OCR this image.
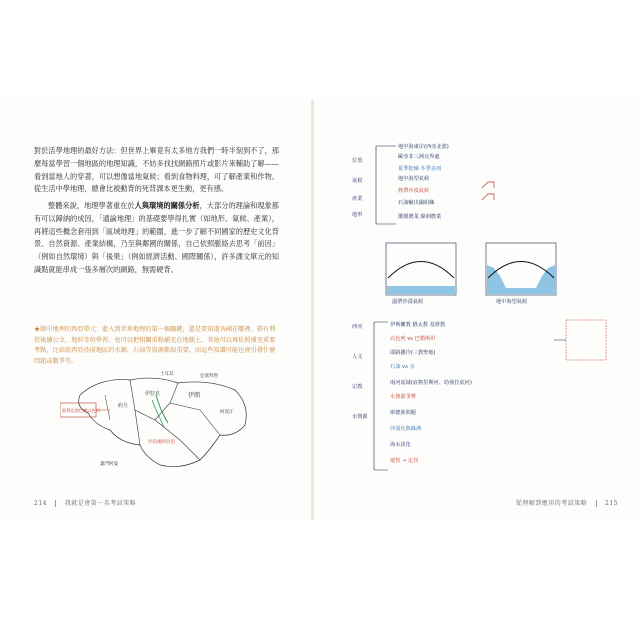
對於活學地理的最好方法：但世界上畢竟有太多地方我們一時半刻到不了，那麼每當學習一個地區的地理知識，不妨多找找網路照片或影片來輔助了解——看到當地人的穿著，可以想像當地氣候；看到食物料理，可了解產業和作物。從生活中學地理，總會比被動背的死背課本更生動，更有感。

整體來說，地理學著重在於人與環境的關係分析，大部分的理論和現象都有可以歸納的成因，「通論地理」的基礎要學得扎實（如地形、氣候、產業），再將這些概念套用到「區域地理」的範圍，進一步了解不同國家的歷史文化背景、自然資源、產業結構，乃至與鄰國的關係，自己依照脈絡去思考「前因」（例如自然環境）與「後果」（例如經濟活動、國際關係），許多課文單元的知識點就能串成一張多層次的網路，無需硬背。

★圖中地理的西亞單元：進入到世界地理的第一個關鍵，還是要知道各國在哪裡。搭有利於後續公文、地形等的學習。也可以把相關重點補充在地圖上，其他可以再依照補充重要考點，比如說西亞沙漠地區的水源、石油等資源都很重要，而這些知識可能也會引發什麼問題或戰爭等。
敘利亞黎巴嫩以色列
約旦
伊拉克	伊朗
沙烏地阿拉伯
亞塞拜然
阿富汗
土耳其
葉門阿曼
214	我就是會第一名考試策略
位置
氣候
產業
地形
地中海東岸(西亞北部)
歐亞非三洲交界處
夏季乾燥 冬季多雨
地中海型氣候
熱帶沙漠氣候
石油輸出國組織
灌溉農業 綠洲農業
溫帶沙漠氣候	地中海型氣候
西亞
人文
宗教
水資源
伊斯蘭教 猶太教 基督教
以色列 vs 巴勒斯坦
耶路撒冷(三教聖地)
石油 vs 水
兩河流域(底格里斯河、幼發拉底河)
水資源爭奪
庫德族問題
沙漠化與綠洲
海水淡化
遊牧 → 定居
從理解到應用的考試策略	215
